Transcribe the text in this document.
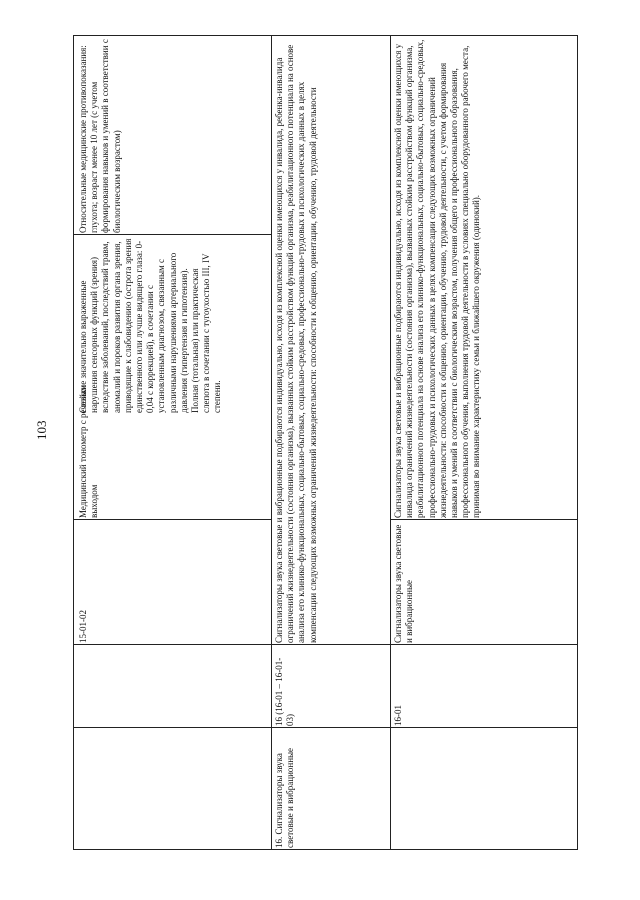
103
15-01-02
Медицинский тонометр с речевым выходом

Стойкие значительно выраженные нарушения сенсорных функций (зрения) вследствие заболеваний, последствий травм, аномалий и пороков развития органа зрения, приводящие к слабовидению (острота зрения единственного или лучше видящего глаза: 0-0,04 с коррекцией), в сочетании с установленным диагнозом, связанным с различными нарушениями артериального давления (гипертензия и гипотензия). Полная (тотальная) или практическая слепота в сочетании с тугоухостью III, IV степени.

Относительные медицинские противопоказания: глухота; возраст менее 10 лет (с учетом формирования навыков и умений в соответствии с биологическим возрастом)
16. Сигнализаторы звука световые и вибрационные
16 (16-01 – 16-01-03)
Сигнализаторы звука световые и вибрационные подбираются индивидуально, исходя из комплексной оценки имеющихся у инвалида, ребенка-инвалида ограничений жизнедеятельности (состояния организма), вызванных стойким расстройством функций организма, реабилитационного потенциала на основе анализа его клинико-функциональных, социально-бытовых, социально-средовых, профессионально-трудовых и психологических данных в целях компенсации следующих возможных ограничений жизнедеятельности: способности к общению, ориентации, обучению, трудовой деятельности
16-01
Сигнализаторы звука световые и вибрационные
Сигнализаторы звука световые и вибрационные подбираются индивидуально, исходя из комплексной оценки имеющихся у инвалида ограничений жизнедеятельности (состояния организма), вызванных стойким расстройством функций организма, реабилитационного потенциала на основе анализа его клинико-функциональных, социально-бытовых, социально-средовых, профессионально-трудовых и психологических данных в целях компенсации следующих возможных ограничений жизнедеятельности: способности к общению, ориентации, обучению, трудовой деятельности, с учетом формирования навыков и умений в соответствии с биологическим возрастом, получения общего и профессионального образования, профессионального обучения, выполнения трудовой деятельности в условиях специально оборудованного рабочего места, принимая во внимание характеристику семьи и ближайшего окружения (одинокий).
